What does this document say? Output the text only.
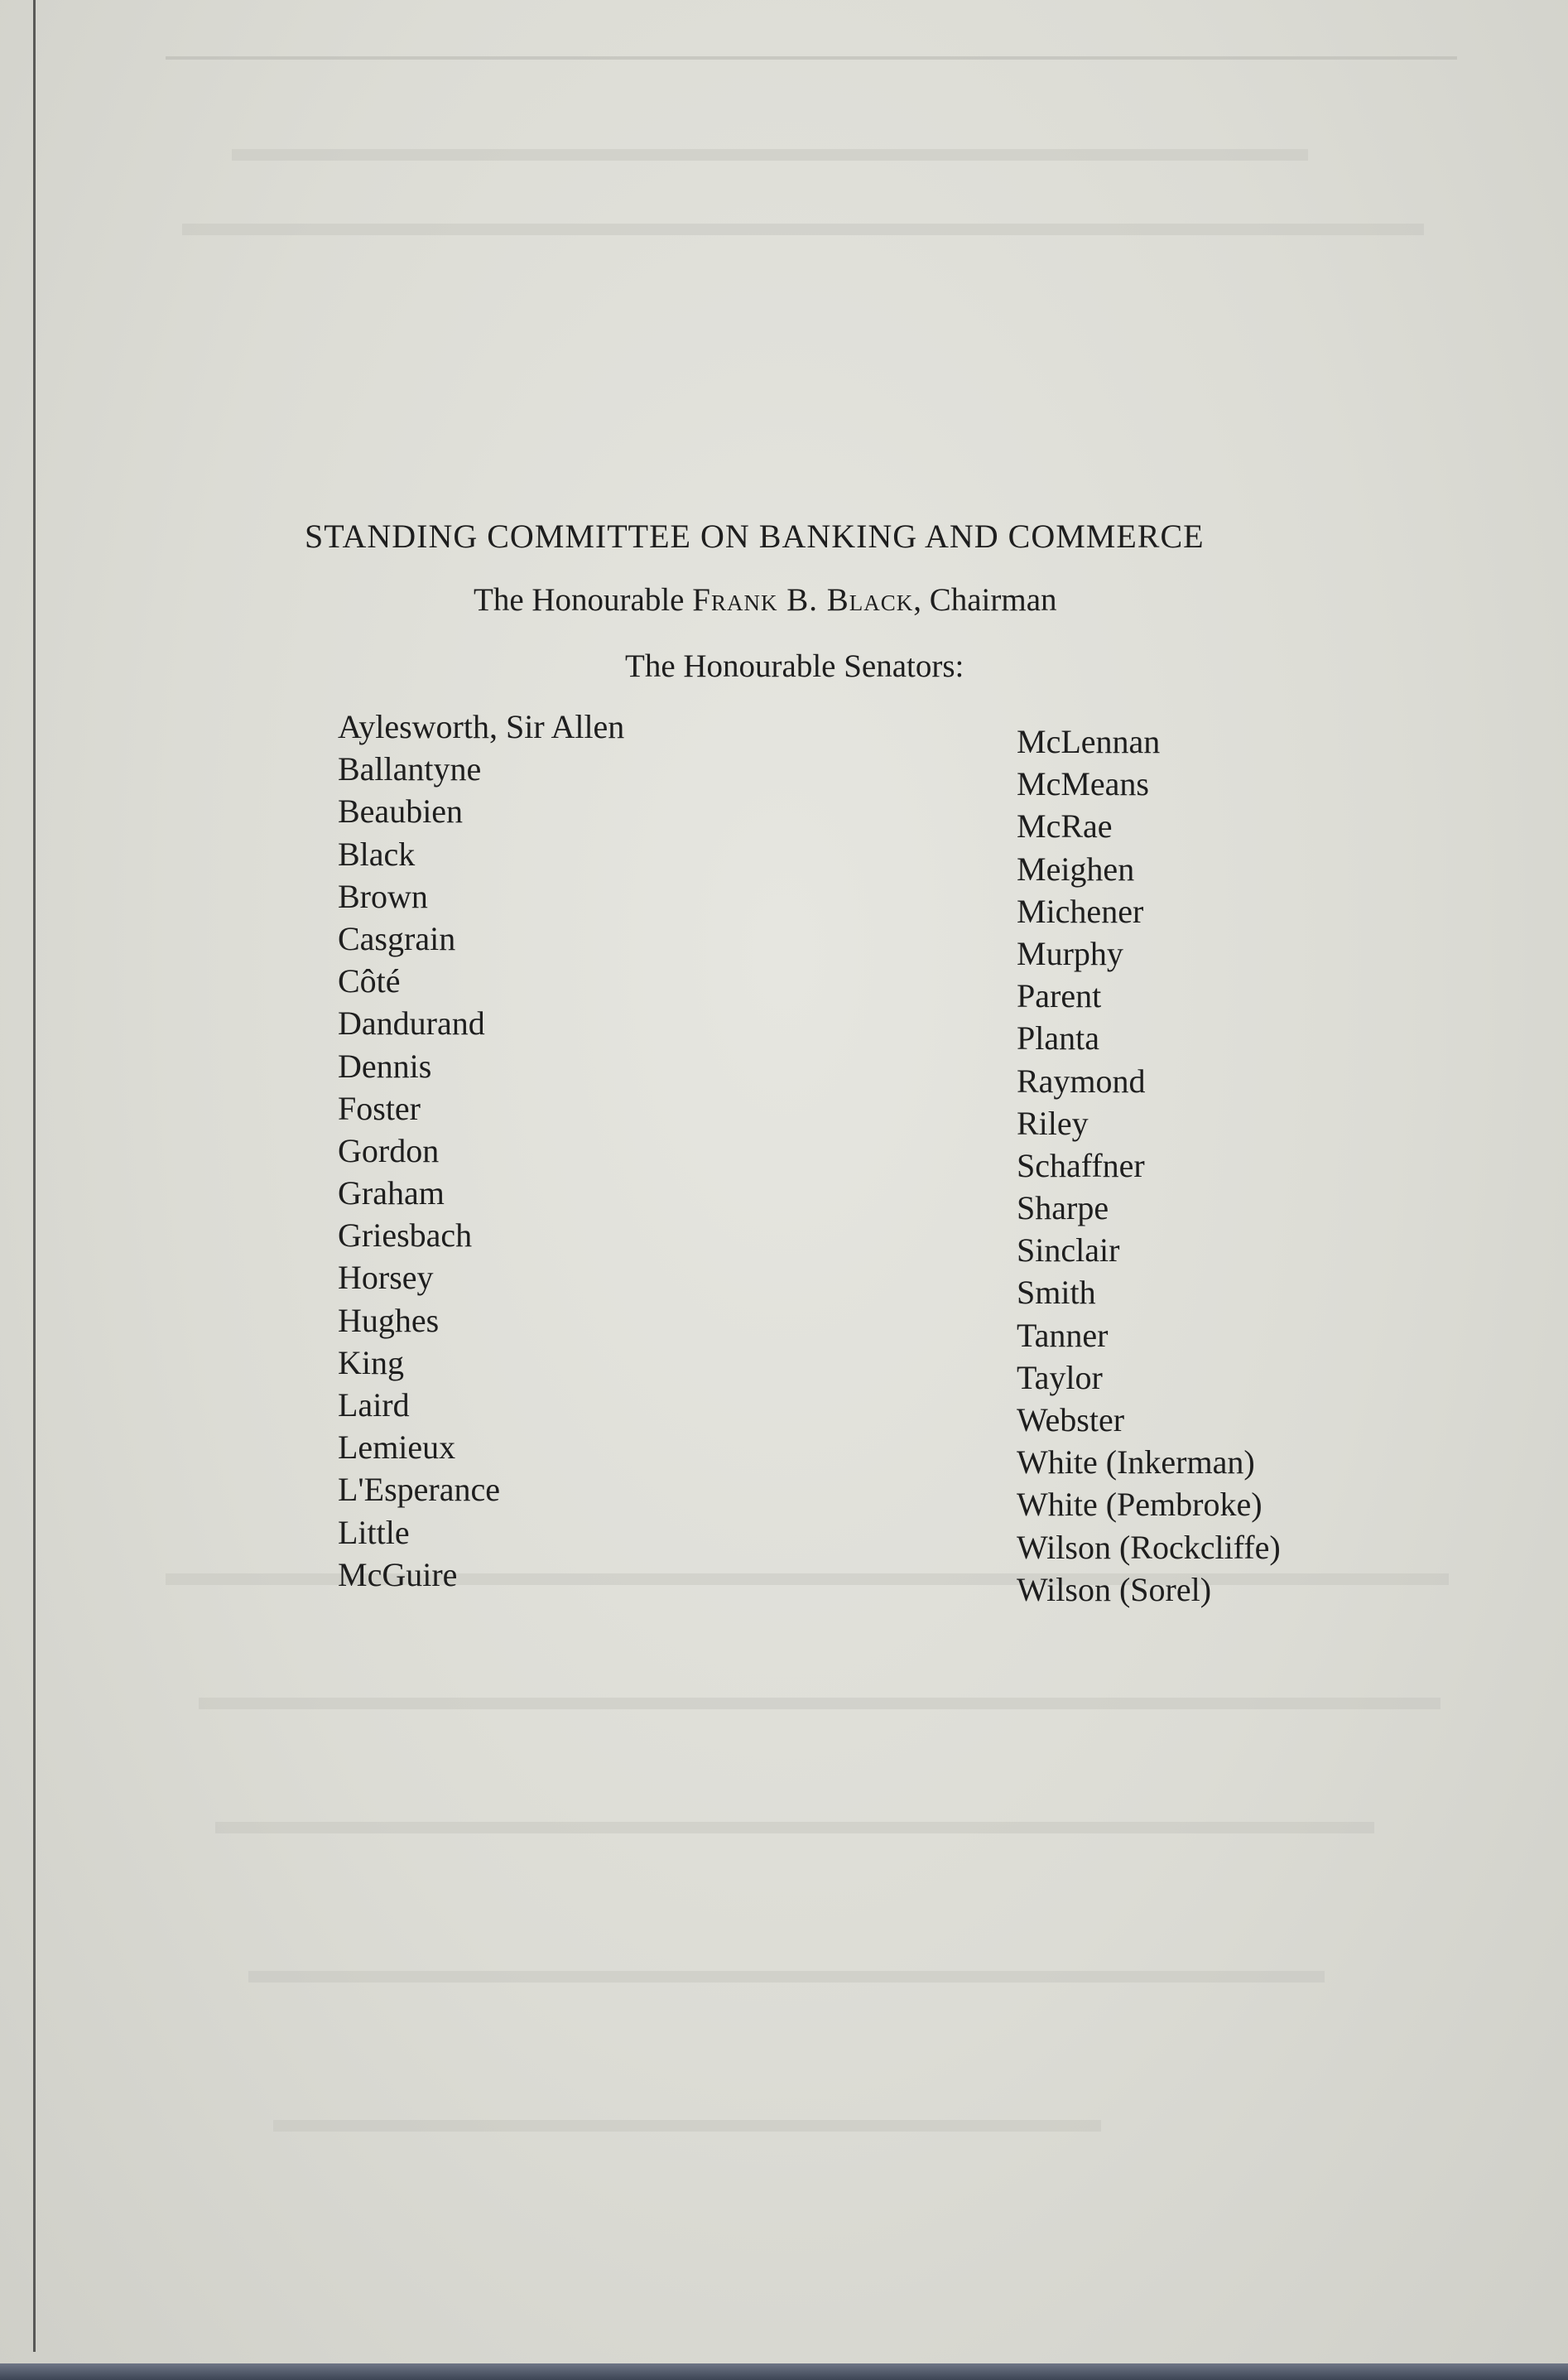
STANDING COMMITTEE ON BANKING AND COMMERCE
The Honourable Frank B. Black, Chairman
The Honourable Senators:
Aylesworth, Sir Allen
Ballantyne
Beaubien
Black
Brown
Casgrain
Côté
Dandurand
Dennis
Foster
Gordon
Graham
Griesbach
Horsey
Hughes
King
Laird
Lemieux
L'Esperance
Little
McGuire
McLennan
McMeans
McRae
Meighen
Michener
Murphy
Parent
Planta
Raymond
Riley
Schaffner
Sharpe
Sinclair
Smith
Tanner
Taylor
Webster
White (Inkerman)
White (Pembroke)
Wilson (Rockcliffe)
Wilson (Sorel)
